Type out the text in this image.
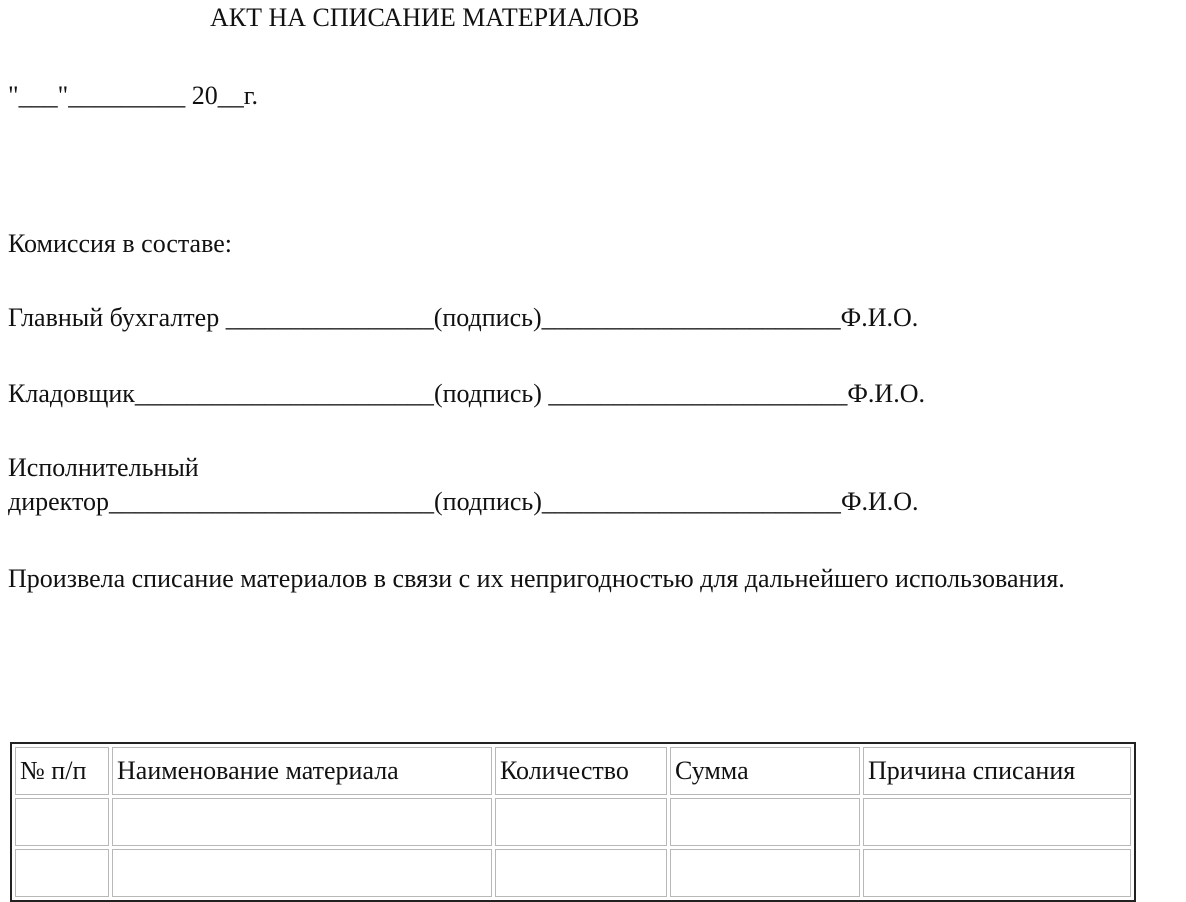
АКТ НА СПИСАНИЕ МАТЕРИАЛОВ
"___"_________ 20__г.
Комиссия в составе:
Главный бухгалтер ________________ (подпись)_______________________ Ф.И.О.
Кладовщик_______________________ (подпись) _______________________ Ф.И.О.
Исполнительный
директор_________________________ (подпись)_______________________ Ф.И.О.
Произвела списание материалов в связи с их непригодностью для дальнейшего использования.
№ п/п	Наименование материала	Количество	Сумма	Причина списания
